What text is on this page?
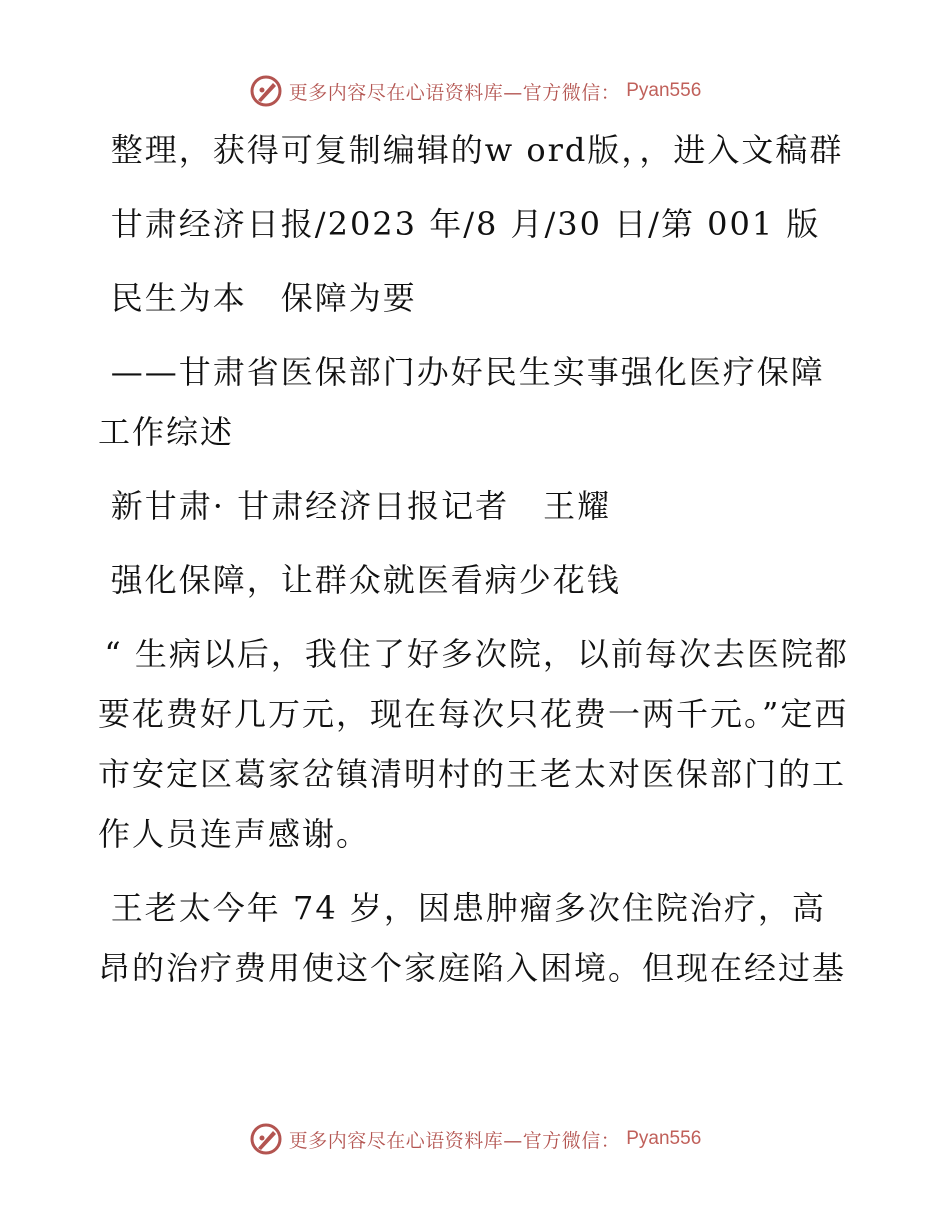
更多内容尽在心语资料库—官方微信： Pyan556

整理，获得可复制编辑的w ord版，，进入文稿群

甘肃经济日报/2023 年/8 月/30 日/第 001 版

民生为本　保障为要

——甘肃省医保部门办好民生实事强化医疗保障工作综述

新甘肃· 甘肃经济日报记者　王耀

强化保障，让群众就医看病少花钱

“ 生病以后，我住了好多次院，以前每次去医院都要花费好几万元，现在每次只花费一两千元。”定西市安定区葛家岔镇清明村的王老太对医保部门的工作人员连声感谢。

王老太今年 74 岁，因患肿瘤多次住院治疗，高昂的治疗费用使这个家庭陷入困境。但现在经过基

更多内容尽在心语资料库—官方微信： Pyan556
